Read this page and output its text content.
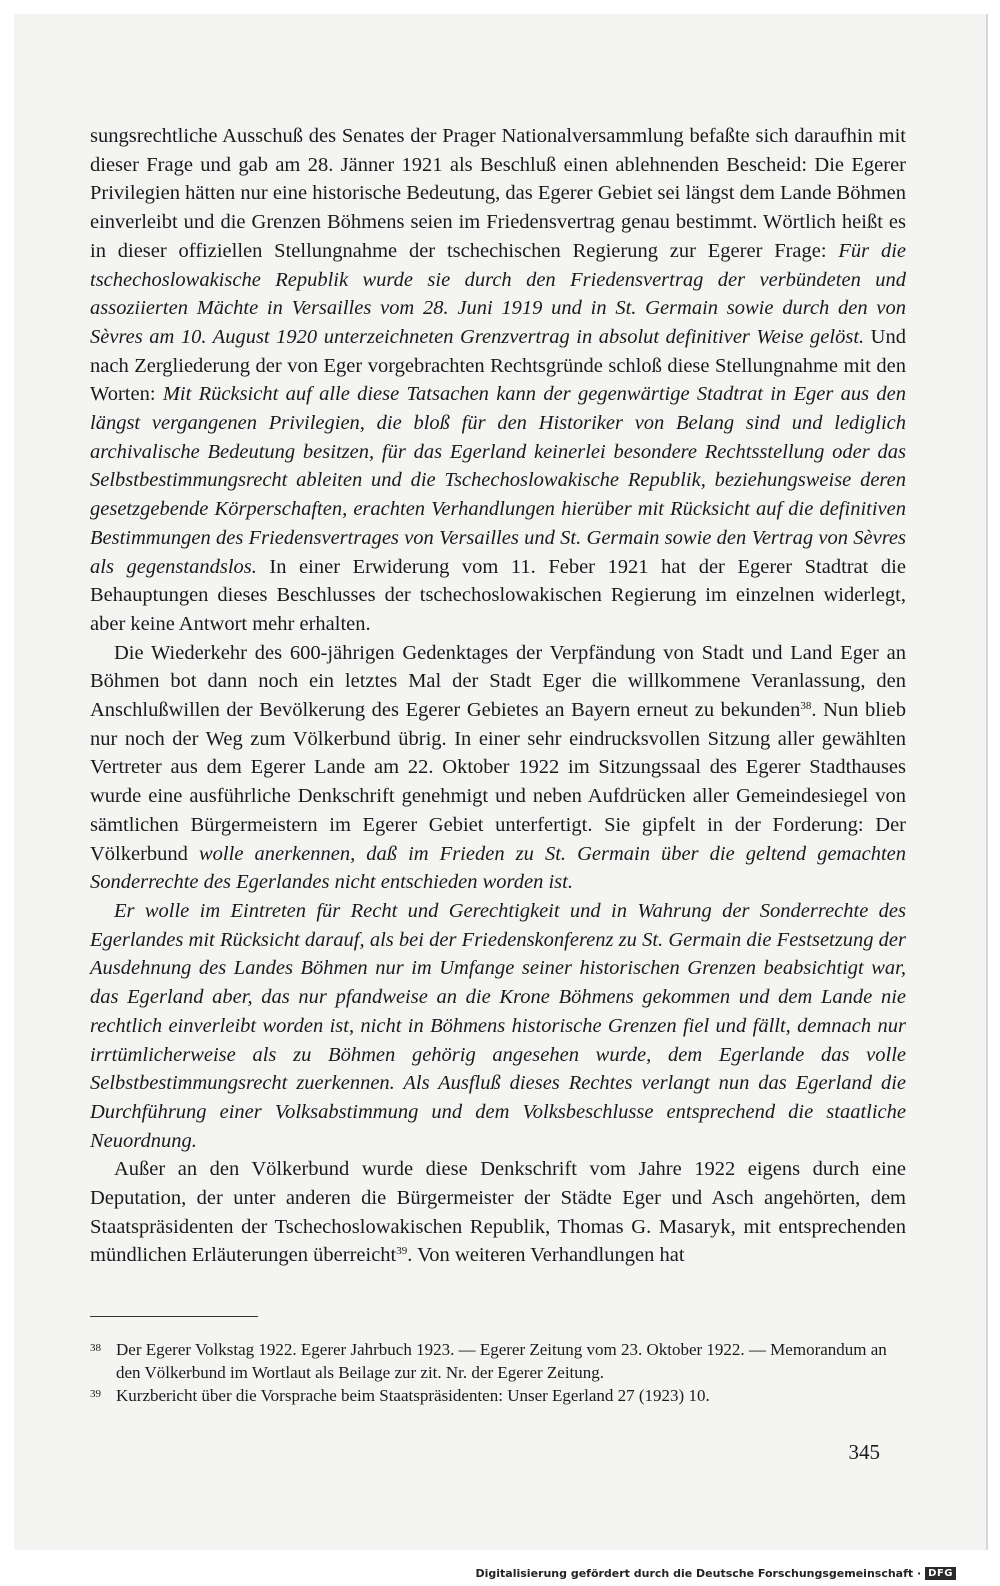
sungsrechtliche Ausschuß des Senates der Prager Nationalversammlung befaßte sich daraufhin mit dieser Frage und gab am 28. Jänner 1921 als Beschluß einen ablehnenden Bescheid: Die Egerer Privilegien hätten nur eine historische Bedeutung, das Egerer Gebiet sei längst dem Lande Böhmen einverleibt und die Grenzen Böhmens seien im Friedensvertrag genau bestimmt. Wörtlich heißt es in dieser offiziellen Stellungnahme der tschechischen Regierung zur Egerer Frage: Für die tschechoslowakische Republik wurde sie durch den Friedensvertrag der verbündeten und assoziierten Mächte in Versailles vom 28. Juni 1919 und in St. Germain sowie durch den von Sèvres am 10. August 1920 unterzeichneten Grenzvertrag in absolut definitiver Weise gelöst. Und nach Zergliederung der von Eger vorgebrachten Rechtsgründe schloß diese Stellungnahme mit den Worten: Mit Rücksicht auf alle diese Tatsachen kann der gegenwärtige Stadtrat in Eger aus den längst vergangenen Privilegien, die bloß für den Historiker von Belang sind und lediglich archivalische Bedeutung besitzen, für das Egerland keinerlei besondere Rechtsstellung oder das Selbstbestimmungsrecht ableiten und die Tschechoslowakische Republik, beziehungsweise deren gesetzgebende Körperschaften, erachten Verhandlungen hierüber mit Rücksicht auf die definitiven Bestimmungen des Friedensvertrages von Versailles und St. Germain sowie den Vertrag von Sèvres als gegenstandslos. In einer Erwiderung vom 11. Feber 1921 hat der Egerer Stadtrat die Behauptungen dieses Beschlusses der tschechoslowakischen Regierung im einzelnen widerlegt, aber keine Antwort mehr erhalten.

Die Wiederkehr des 600-jährigen Gedenktages der Verpfändung von Stadt und Land Eger an Böhmen bot dann noch ein letztes Mal der Stadt Eger die willkommene Veranlassung, den Anschlußwillen der Bevölkerung des Egerer Gebietes an Bayern erneut zu bekunden$^{38}$. Nun blieb nur noch der Weg zum Völkerbund übrig. In einer sehr eindrucksvollen Sitzung aller gewählten Vertreter aus dem Egerer Lande am 22. Oktober 1922 im Sitzungssaal des Egerer Stadthauses wurde eine ausführliche Denkschrift genehmigt und neben Aufdrücken aller Gemeindesiegel von sämtlichen Bürgermeistern im Egerer Gebiet unterfertigt. Sie gipfelt in der Forderung: Der Völkerbund wolle anerkennen, daß im Frieden zu St. Germain über die geltend gemachten Sonderrechte des Egerlandes nicht entschieden worden ist.

Er wolle im Eintreten für Recht und Gerechtigkeit und in Wahrung der Sonderrechte des Egerlandes mit Rücksicht darauf, als bei der Friedenskonferenz zu St. Germain die Festsetzung der Ausdehnung des Landes Böhmen nur im Umfange seiner historischen Grenzen beabsichtigt war, das Egerland aber, das nur pfandweise an die Krone Böhmens gekommen und dem Lande nie rechtlich einverleibt worden ist, nicht in Böhmens historische Grenzen fiel und fällt, demnach nur irrtümlicherweise als zu Böhmen gehörig angesehen wurde, dem Egerlande das volle Selbstbestimmungsrecht zuerkennen. Als Ausfluß dieses Rechtes verlangt nun das Egerland die Durchführung einer Volksabstimmung und dem Volksbeschlusse entsprechend die staatliche Neuordnung.

Außer an den Völkerbund wurde diese Denkschrift vom Jahre 1922 eigens durch eine Deputation, der unter anderen die Bürgermeister der Städte Eger und Asch angehörten, dem Staatspräsidenten der Tschechoslowakischen Republik, Thomas G. Masaryk, mit entsprechenden mündlichen Erläuterungen überreicht$^{39}$. Von weiteren Verhandlungen hat

38 Der Egerer Volkstag 1922. Egerer Jahrbuch 1923. — Egerer Zeitung vom 23. Oktober 1922. — Memorandum an den Völkerbund im Wortlaut als Beilage zur zit. Nr. der Egerer Zeitung.
39 Kurzbericht über die Vorsprache beim Staatspräsidenten: Unser Egerland 27 (1923) 10.
345
Digitalisierung gefördert durch die Deutsche Forschungsgemeinschaft · DFG
